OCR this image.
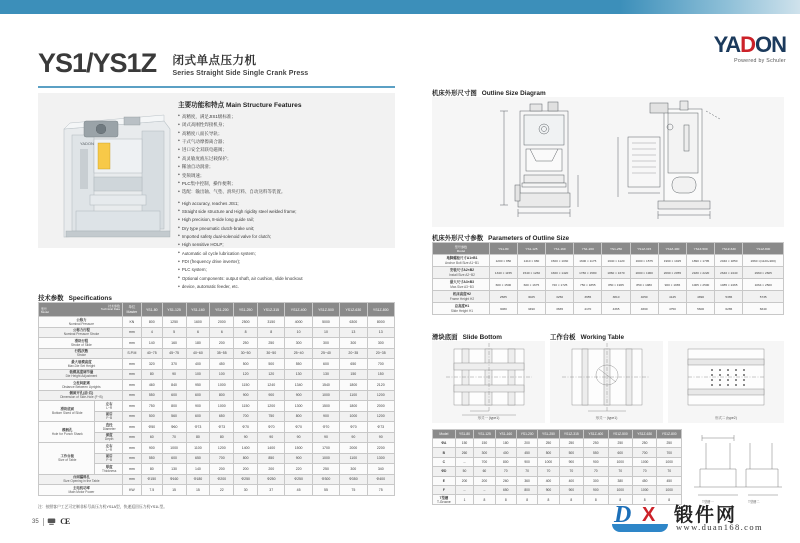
YADON
Powered by Schuler
YS1/YS1Z 闭式单点压力机
Series Straight Side Single Crank Press
YADON
主要功能和特点 Main Structure Features
⬥ 高精度，满足JIS1级标准；
⬥ 闭式高刚性焊接机身；
⬥ 高精度八面长导轨；
⬥ 干式气动摩擦离合器；
⬥ 进口安全双联电磁阀；
⬥ 高灵敏度液压过载保护；
⬥ 稀油自动润滑；
⬥ 变频调速；
⬥ PLC集中控制，操作便利；
⬥ 选配：输出轴、气垫、滑块打料、自动送料等装置。
⬥ High accuracy, reaches JIS1;
⬥ Straight side structure and High rigidity steel welded frame;
⬥ High precision, 8-side long guide rail;
⬥ Dry type pneumatic clutch-brake unit;
⬥ Imported safety dual-solenoid valve for clutch;
⬥ High sensitive HOLP;
⬥ Automatic oil cycle lubrication system;
⬥ FDI (frequency drive inverter);
⬥ PLC system;
⬥ Optional components: output shaft, air cushion, slide knockout
⬥ device, automatic feeder, etc.
技术参数 Specifications
技术参数
Technical Data
型号
Model		单位
Master	YS1-80	YS1-125	YS1-160	YS1-200	YS1-250	YS1Z-315	YS1Z-400	YS1Z-500	YS1Z-630	YS1Z-800

公称力
Nominal Pressure		KN	800	1250	1600	2000	2500	3150	4000	5000	6300	8000

公称力行程
Nominal Pressure Stroke		mm	4	5	6	6	8	8	10	10	13	13

滑块行程
Stroke of Slide		mm	140	160	180	200	250	250	300	300	300	300

行程次数
Stroke		S.P.M	40~75	45~75	40~60	35~55	30~50	30~50	25~40	25~40	20~35	20~35

最大装模高度
Max.Die Set Height		mm	320	370	400	450	500	500	550	600	650	700

装模高度调节量
Die Height Adjustment		mm	80	90	100	100	120	120	130	130	150	150

立柱间距离
Distance Between Uprights		mm	460	840	950	1000	1150	1240	1340	1540	1800	2120

侧面开孔(前·后)
Dimension of Side-Hole (F~B)		mm	550	600	600	800	900	900	900	1000	1100	1200

滑块底面
Bottom Sized of Slide	左右
L~R	mm	750	800	900	1000	1150	1200	1300	1500	1800	2000

	前后
F~B	mm	500	560	600	650	700	750	800	900	1000	1200

模柄孔
Hole for Punch Shank	直径
Diameter	mm	Φ50	Φ60	Φ73	Φ73	Φ70	Φ70	Φ70	Φ70	Φ70	Φ73

	深度
Depth	mm	60	70	80	80	90	90	90	90	90	90

工作台板
Size of Table	左右
L~R	mm	900	1000	1100	1200	1400	1400	1500	1700	2000	2200

	前后
F~B	mm	550	600	650	700	800	850	900	1000	1100	1300

	厚度
Thickness	mm	80	130	140	200	200	200	220	250	300	340

台面漏料孔
Size Opening in the Table		mm	Φ150	Φ160	Φ180	Φ200	Φ250	Φ250	Φ250	Φ300	Φ350	Φ400

主电机功率
Main Motor Power		KW	7.5	15	15	22	30	37	45	55	75	75
注：按照客户工艺可定制非标号高压力机YS1A型，快速返回压力机YS1L型。
35	CE
机床外形尺寸图 Outline Size Diagram
机床外形尺寸参数 Parameters of Outline Size
型号参数
Model	YS1-80	YS1-125	YS1-160	YS1-200	YS1-250	YS1Z-315	YS1Z-400	YS1Z-500	YS1Z-630	YS1Z-800

地脚螺栓尺寸A1×B1
Anchor Bolt Size A1~B1	1200 × 850	1410 × 980	1500 × 1030	1600 × 1175	1640 × 1120	1600 × 1575	1960 × 1925	1890 × 1795	2040 × 1850	2660 ×(1120+900)

安装尺寸A2×B2
Install Size A2~B2	1340 × 1155	1540 × 1260	1660 × 1420	1780 × 1580	1860 × 1670	2000 × 1960	2060 × 2055	2180 × 2220	2640 × 2440	2960 × 2605

最大尺寸A3×B3
Max.Size A3~B3	600 × 1500	600 × 1675	720 × 1725	750 × 1855	850 × 1965	850 × 1980	900 × 1965	1005 × 2500	1085 × 2465	1064 × 2500

机床高度H2
Frame Height H2	2585	3025	3250	3655	3810	4050	4145	4890	5365	5735

总高度H1
Slide Height H1	3080	3490	3665	4170	4365	4660	4750	5600	6265	6640
滑块底面 Slide Bottom	工作台板 Working Table
形式一 (type1)	形式一 (type1)	形式二 (type2)
Model	YS1-80	YS1-125	YS1-160	YS1-200	YS1-250	YS1Z-315	YS1Z-400	YS1Z-500	YS1Z-630	YS1Z-800
ΦA	150	150	180	200	250	250	250	250	250	250
B	260	300	400	450	500	500	550	600	700	700
C	--	700	800	900	1000	900	900	1000	1000	1000
ΦD	50	60	70	70	70	70	70	70	70	70
E	200	200	260	360	400	400	300	380	450	450
F	--	--	650	800	900	900	900	1000	1000	1000
T型槽
T-Groove	1	8	8	8	8	8	8	8	8	8
T型槽一	T型槽二
D X 锻件网
www.duan168.com
